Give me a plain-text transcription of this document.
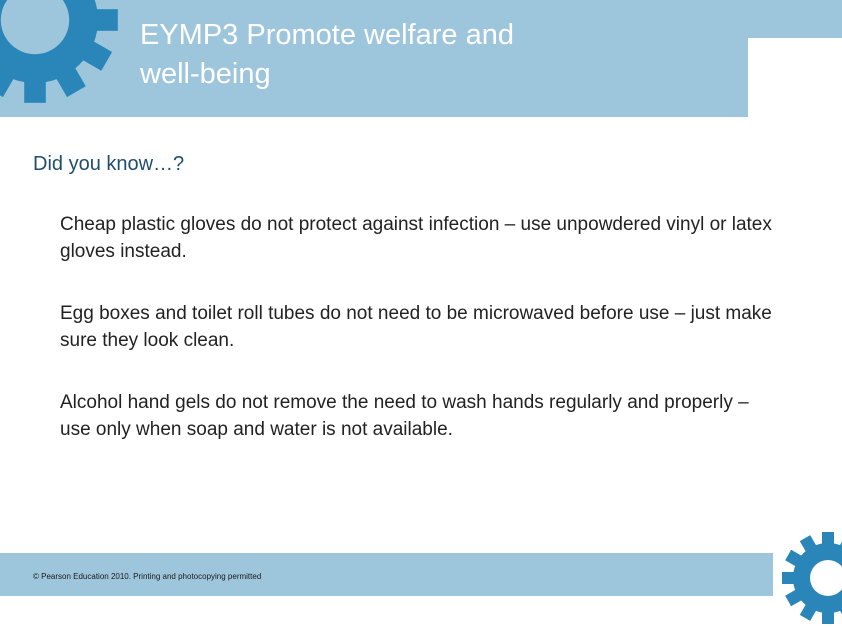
EYMP3 Promote welfare and
well-being
Did you know…?

Cheap plastic gloves do not protect against infection – use unpowdered vinyl or latex gloves instead.

Egg boxes and toilet roll tubes do not need to be microwaved before use – just make sure they look clean.

Alcohol hand gels do not remove the need to wash hands regularly and properly – use only when soap and water is not available.

© Pearson Education 2010. Printing and photocopying permitted
